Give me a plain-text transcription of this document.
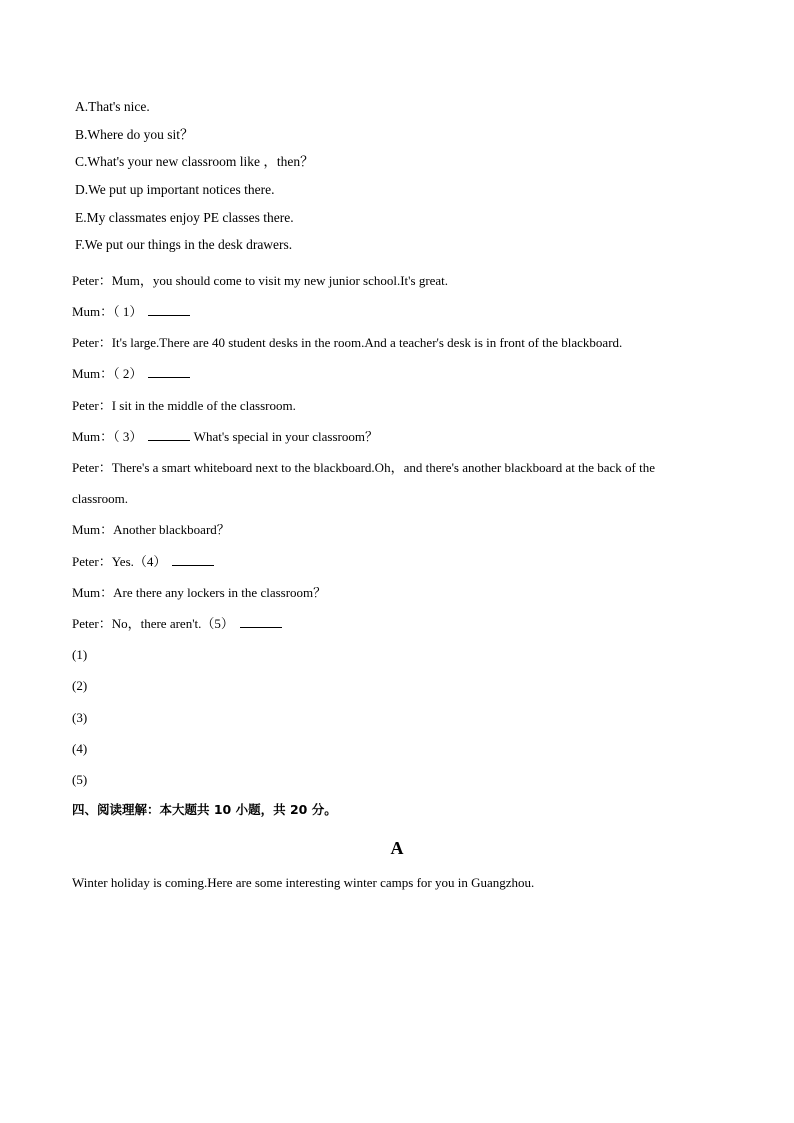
A.That's nice.
B.Where do you sit？
C.What's your new classroom like ，then？
D.We put up important notices there.
E.My classmates enjoy PE classes there.
F.We put our things in the desk drawers.
Peter：Mum，you should come to visit my new junior school.It's great.
Mum：（ 1）
Peter：It's large.There are 40 student desks in the room.And a teacher's desk is in front of the blackboard.
Mum：（ 2）
Peter：I sit in the middle of the classroom.
Mum：（ 3）	What's special in your classroom？
Peter：There's a smart whiteboard next to the blackboard.Oh，and there's another blackboard at the back of the
classroom.
Mum：Another blackboard？
Peter：Yes.（4）
Mum：Are there any lockers in the classroom？
Peter：No，there aren't.（5）
(1)
(2)
(3)
(4)
(5)
四、阅读理解：本大题共 10 小题，共 20 分。
A
Winter holiday is coming.Here are some interesting winter camps for you in Guangzhou.
